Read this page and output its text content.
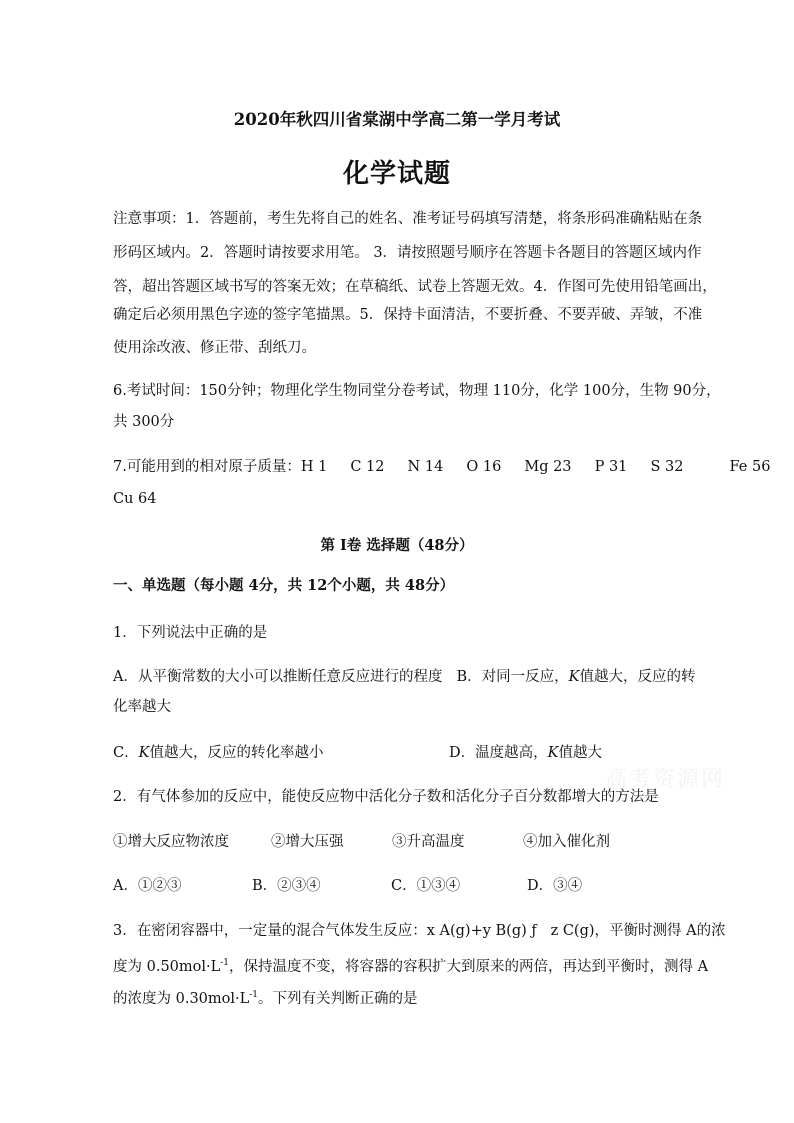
2020年秋四川省棠湖中学高二第一学月考试
化学试题
注意事项：1．答题前，考生先将自己的姓名、准考证号码填写清楚，将条形码准确粘贴在条
形码区域内。2．答题时请按要求用笔。 3．请按照题号顺序在答题卡各题目的答题区域内作
答，超出答题区域书写的答案无效；在草稿纸、试卷上答题无效。4．作图可先使用铅笔画出，
确定后必须用黑色字迹的签字笔描黑。5．保持卡面清洁，不要折叠、不要弄破、弄皱，不准
使用涂改液、修正带、刮纸刀。
6.考试时间：150分钟；物理化学生物同堂分卷考试，物理 110分，化学 100分，生物 90分，
共 300分
7.可能用到的相对原子质量：H 1     C 12     N 14     O 16     Mg 23     P 31     S 32          Fe 56
Cu 64
第 I卷 选择题（48分）
一、单选题（每小题 4分，共 12个小题，共 48分）
1．下列说法中正确的是
A．从平衡常数的大小可以推断任意反应进行的程度 B．对同一反应，K值越大，反应的转
化率越大
C．K值越大，反应的转化率越小	D．温度越高，K值越大
2．有气体参加的反应中，能使反应物中活化分子数和活化分子百分数都增大的方法是
①增大反应物浓度	②增大压强	③升高温度	④加入催化剂
A．①②③	B．②③④	C．①③④	D．③④
3．在密闭容器中，一定量的混合气体发生反应：x A(g)+y B(g) ƒ   z C(g)，平衡时测得 A的浓
度为 $0.50mol\cdot L^{-1}$，保持温度不变，将容器的容积扩大到原来的两倍，再达到平衡时，测得 A
的浓度为 $0.30mol\cdot L^{-1}$。下列有关判断正确的是
高考资源网
